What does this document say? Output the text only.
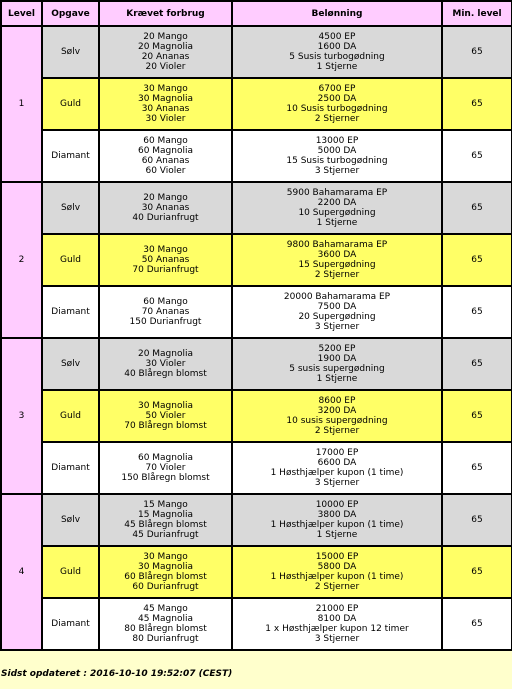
Level	Opgave	Krævet forbrug	Belønning	Min. level
1	Sølv	20 Mango
20 Magnolia
20 Ananas
20 Violer	4500 EP
1600 DA
5 Susis turbogødning
1 Stjerne	65
	Guld	30 Mango
30 Magnolia
30 Ananas
30 Violer	6700 EP
2500 DA
10 Susis turbogødning
2 Stjerner	65
	Diamant	60 Mango
60 Magnolia
60 Ananas
60 Violer	13000 EP
5000 DA
15 Susis turbogødning
3 Stjerner	65
2	Sølv	20 Mango
30 Ananas
40 Durianfrugt	5900 Bahamarama EP
2200 DA
10 Supergødning
1 Stjerne	65
	Guld	30 Mango
50 Ananas
70 Durianfrugt	9800 Bahamarama EP
3600 DA
15 Supergødning
2 Stjerner	65
	Diamant	60 Mango
70 Ananas
150 Durianfrugt	20000 Bahamarama EP
7500 DA
20 Supergødning
3 Stjerner	65
3	Sølv	20 Magnolia
30 Violer
40 Blåregn blomst	5200 EP
1900 DA
5 susis supergødning
1 Stjerne	65
	Guld	30 Magnolia
50 Violer
70 Blåregn blomst	8600 EP
3200 DA
10 susis supergødning
2 Stjerner	65
	Diamant	60 Magnolia
70 Violer
150 Blåregn blomst	17000 EP
6600 DA
1 Høsthjælper kupon (1 time)
3 Stjerner	65
4	Sølv	15 Mango
15 Magnolia
45 Blåregn blomst
45 Durianfrugt	10000 EP
3800 DA
1 Høsthjælper kupon (1 time)
1 Stjerne	65
	Guld	30 Mango
30 Magnolia
60 Blåregn blomst
60 Durianfrugt	15000 EP
5800 DA
1 Høsthjælper kupon (1 time)
2 Stjerner	65
	Diamant	45 Mango
45 Magnolia
80 Blåregn blomst
80 Durianfrugt	21000 EP
8100 DA
1 x Høsthjælper kupon 12 timer
3 Stjerner	65
Sidst opdateret : 2016-10-10 19:52:07 (CEST)
